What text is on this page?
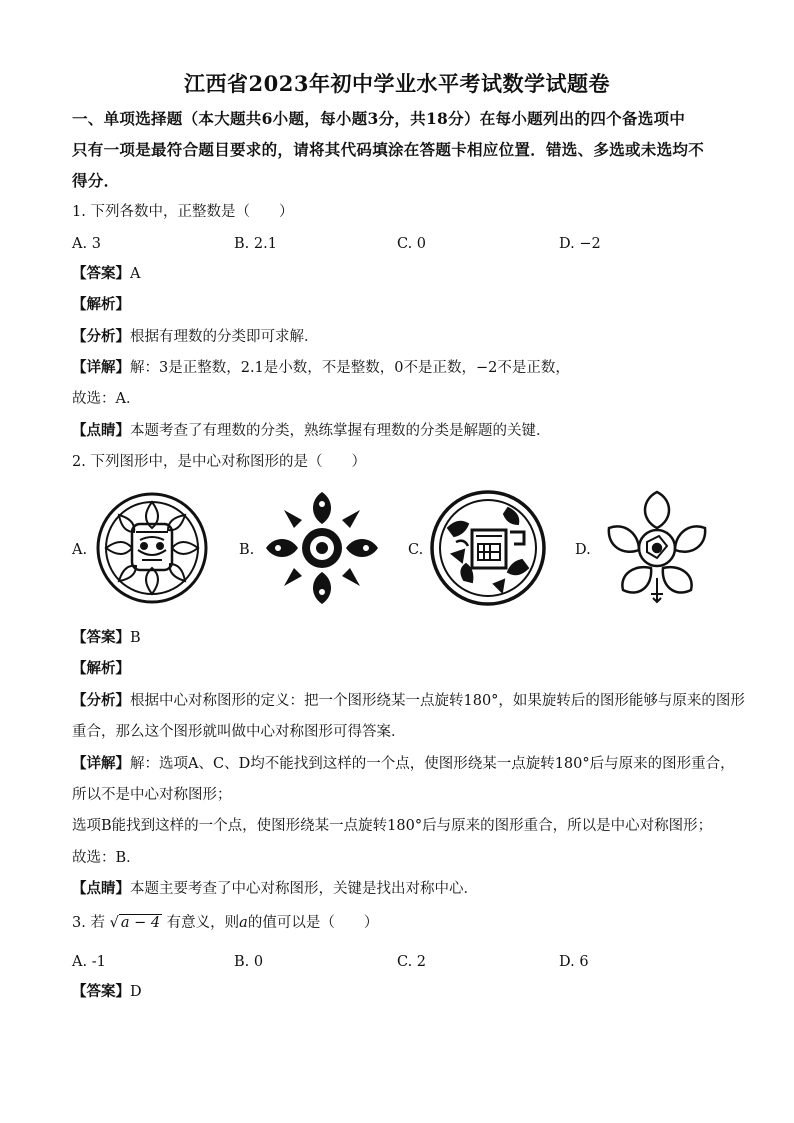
江西省2023年初中学业水平考试数学试题卷
一、单项选择题（本大题共6小题，每小题3分，共18分）在每小题列出的四个备选项中
只有一项是最符合题目要求的，请将其代码填涂在答题卡相应位置．错选、多选或未选均不
得分．
1. 下列各数中，正整数是（　　）
A. 3	B. 2.1	C. 0	D. −2
【答案】A
【解析】
【分析】根据有理数的分类即可求解．
【详解】解：3是正整数，2.1是小数，不是整数，0不是正数，−2不是正数，
故选：A．
【点睛】本题考查了有理数的分类，熟练掌握有理数的分类是解题的关键．
2. 下列图形中，是中心对称图形的是（　　）
A.	B.	C.	D.
【答案】B
【解析】
【分析】根据中心对称图形的定义：把一个图形绕某一点旋转180°，如果旋转后的图形能够与原来的图形
重合，那么这个图形就叫做中心对称图形可得答案．
【详解】解：选项A、C、D均不能找到这样的一个点，使图形绕某一点旋转180°后与原来的图形重合，
所以不是中心对称图形；
选项B能找到这样的一个点，使图形绕某一点旋转180°后与原来的图形重合，所以是中心对称图形；
故选：B．
【点睛】本题主要考查了中心对称图形，关键是找出对称中心．
3. 若 √ a − 4 有意义，则a的值可以是（　　）
A. -1	B. 0	C. 2	D. 6
【答案】D
